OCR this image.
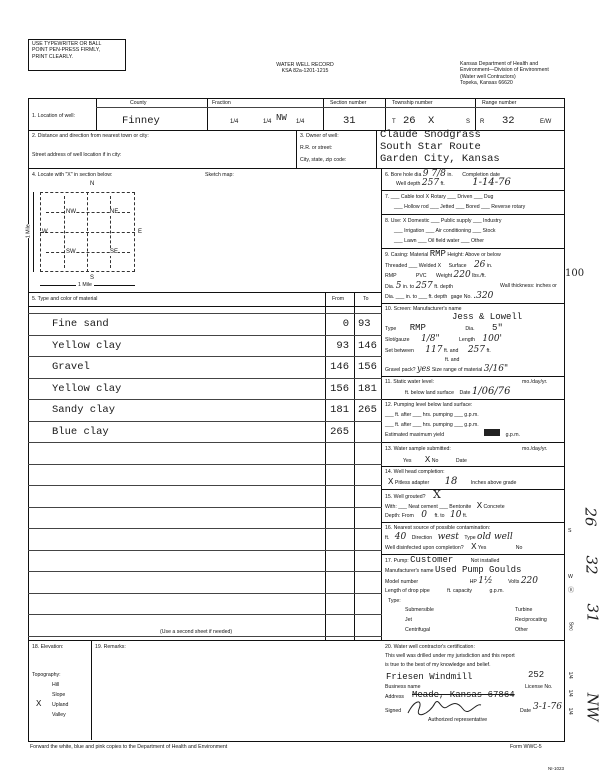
USE TYPEWRITER OR BALL
POINT PEN-PRESS FIRMLY,
PRINT CLEARLY.
WATER WELL RECORD
KSA 82a-1201-1215
Kansas Department of Health and
Environment—Division of Environment
(Water well Contractors)
Topeka, Kansas 66620
1. Location of well:
County
Finney
Fraction
1/4	1/4 NW 1/4
Section number
31
Township number
T 26 X	S
Range number
R 32	E/W
2. Distance and direction from nearest town or city:
Street address of well location if in city:
3. Owner of well:	Claude Snodgrass
R.R. or street:	South Star Route
City, state, zip code:	Garden City, Kansas
4. Locate with "X" in section below:	Sketch map:
N
NW	NE
SW	SE
W	E
S
1 Mile
1 Mile
5. Type and color of material	From	To
Fine sand	0 93
Yellow clay	93 146
Gravel	146 156
Yellow clay	156 181
Sandy clay	181 265
Blue clay	265
(Use a second sheet if needed)
6. Bore hole dia 9 7/8 in. Completion date
Well depth 257 ft.	1-14-76
7. ___ Cable tool X Rotary ___ Driven ___ Dug
___ Hollow rod ___ Jetted ___ Bored ___ Reverse rotary
8. Use: X Domestic ___ Public supply ___ Industry
___ Irrigation ___ Air conditioning ___ Stock
___ Lawn ___ Oil field water ___ Other
9. Casing: Material RMP Height: Above or below
Threaded ___ Welded X Surface 26 in.
RMP	PVC Weight 220 lbs./ft.	100
Dia. 5 in. to 257 ft. depth	Wall thickness: inches or
Dia. ___ in. to ___ ft. depth gage No. .320
10. Screen: Manufacturer's name
Jess & Lowell
Type RMP	Dia. 5"
Slot/gauze 1/8"	Length 100'
Set between 117 ft. and 257 ft.
ft. and
Gravel pack? yes Size range of material 3/16"
11. Static water level:	mo./day/yr.
ft. below land surface Date 1/06/76
12. Pumping level below land surface:
___ ft. after ___ hrs. pumping ___ g.p.m.
___ ft. after ___ hrs. pumping ___ g.p.m.
Estimated maximum yield	g.p.m.
13. Water sample submitted:	mo./day/yr.
Yes X No	Date
14. Well head completion:
X Pitless adapter 18	Inches above grade
15. Well grouted? X
With: ___ Neat cement ___ Bentonite X Concrete
Depth: From 0 ft. to 10 ft.
16. Nearest source of possible contamination:
ft. 40 Direction west Type old well
Well disinfected upon completion? X Yes	No
17. Pump: Customer	Not installed
Manufacturer's name Used Pump Goulds
Model number	HP 1½	Volts 220
Length of drop pipe	ft. capacity	g.p.m.
Type:
Submersible	Turbine
Jet	Reciprocating
Centrifugal	Other
18. Elevation:
Topography:
Hill
Slope
X Upland
Valley
19. Remarks:	20. Water well contractor's certification:
This well was drilled under my jurisdiction and this report
is true to the best of my knowledge and belief.
Friesen Windmill	252
Business name	License No.
Address Meade, Kansas 67864
Signed	Date 3-1-76
Authorized representative
26
32
31
NW
1/4
1/4
1/4
S
Sec
Ⓡ
W
Forward the white, blue and pink copies to the Department of Health and Environment	Form WWC-5
NI-1023
